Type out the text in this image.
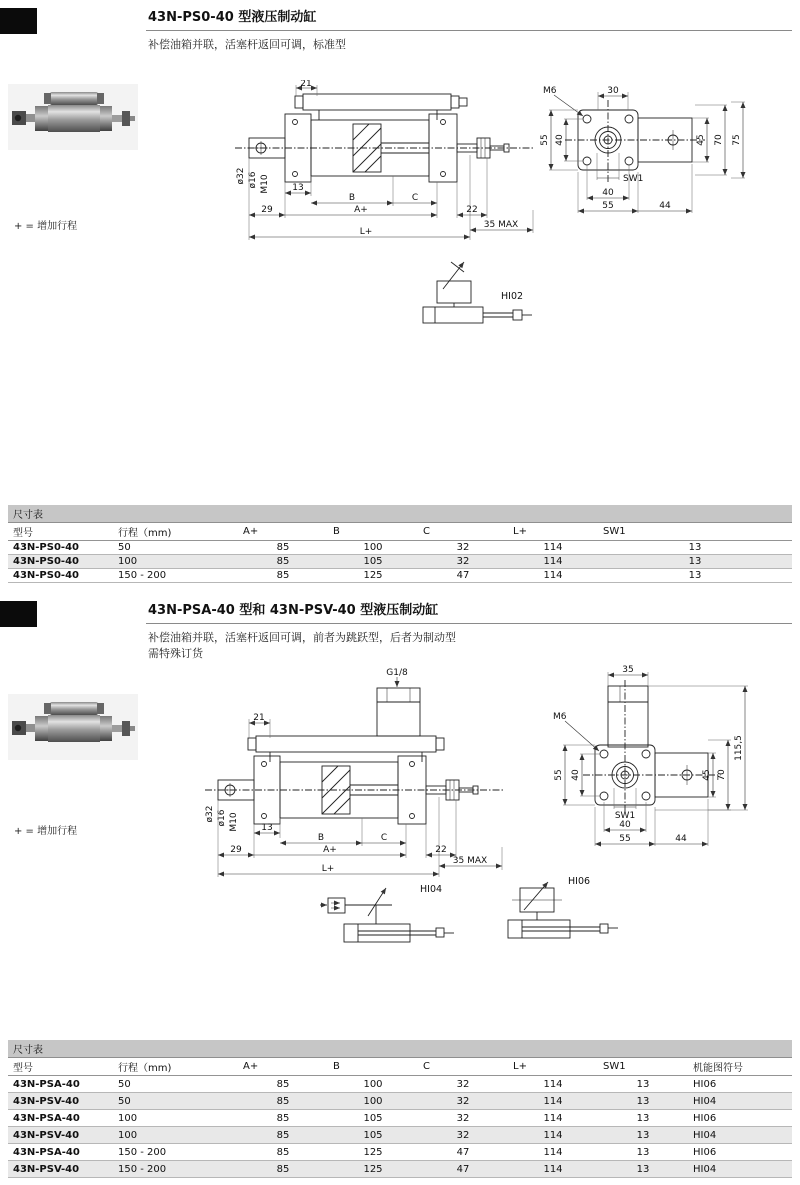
43N-PS0-40 型液压制动缸

补偿油箱并联，活塞杆返回可调，标准型

+ = 增加行程
21
ø32 ø16 M10 13
B	C
29	A+	22
L+
35 MAX
M6	30
40
55	45 70 75
SW1
40
55	44
HI02
尺寸表						
型号	行程（mm)	A+	B	C	L+	SW1
43N-PS0-40	50	85	100	32	114	13
43N-PS0-40	100	85	105	32	114	13
43N-PS0-40	150 - 200	85	125	47	114	13
43N-PSA-40 型和 43N-PSV-40 型液压制动缸

补偿油箱并联，活塞杆返回可调，前者为跳跃型，后者为制动型

需特殊订货

+ = 增加行程
G1/8
21
ø32 ø16 M10 13
B	C
29	A+	22
L+
35 MAX
35
M6
40
55	45 70
115,5
SW1
40
55	44
HI04
HI06
尺寸表							
型号	行程（mm)	A+	B	C	L+	SW1	机能图符号
43N-PSA-40	50	85	100	32	114	13	HI06
43N-PSV-40	50	85	100	32	114	13	HI04
43N-PSA-40	100	85	105	32	114	13	HI06
43N-PSV-40	100	85	105	32	114	13	HI04
43N-PSA-40	150 - 200	85	125	47	114	13	HI06
43N-PSV-40	150 - 200	85	125	47	114	13	HI04
